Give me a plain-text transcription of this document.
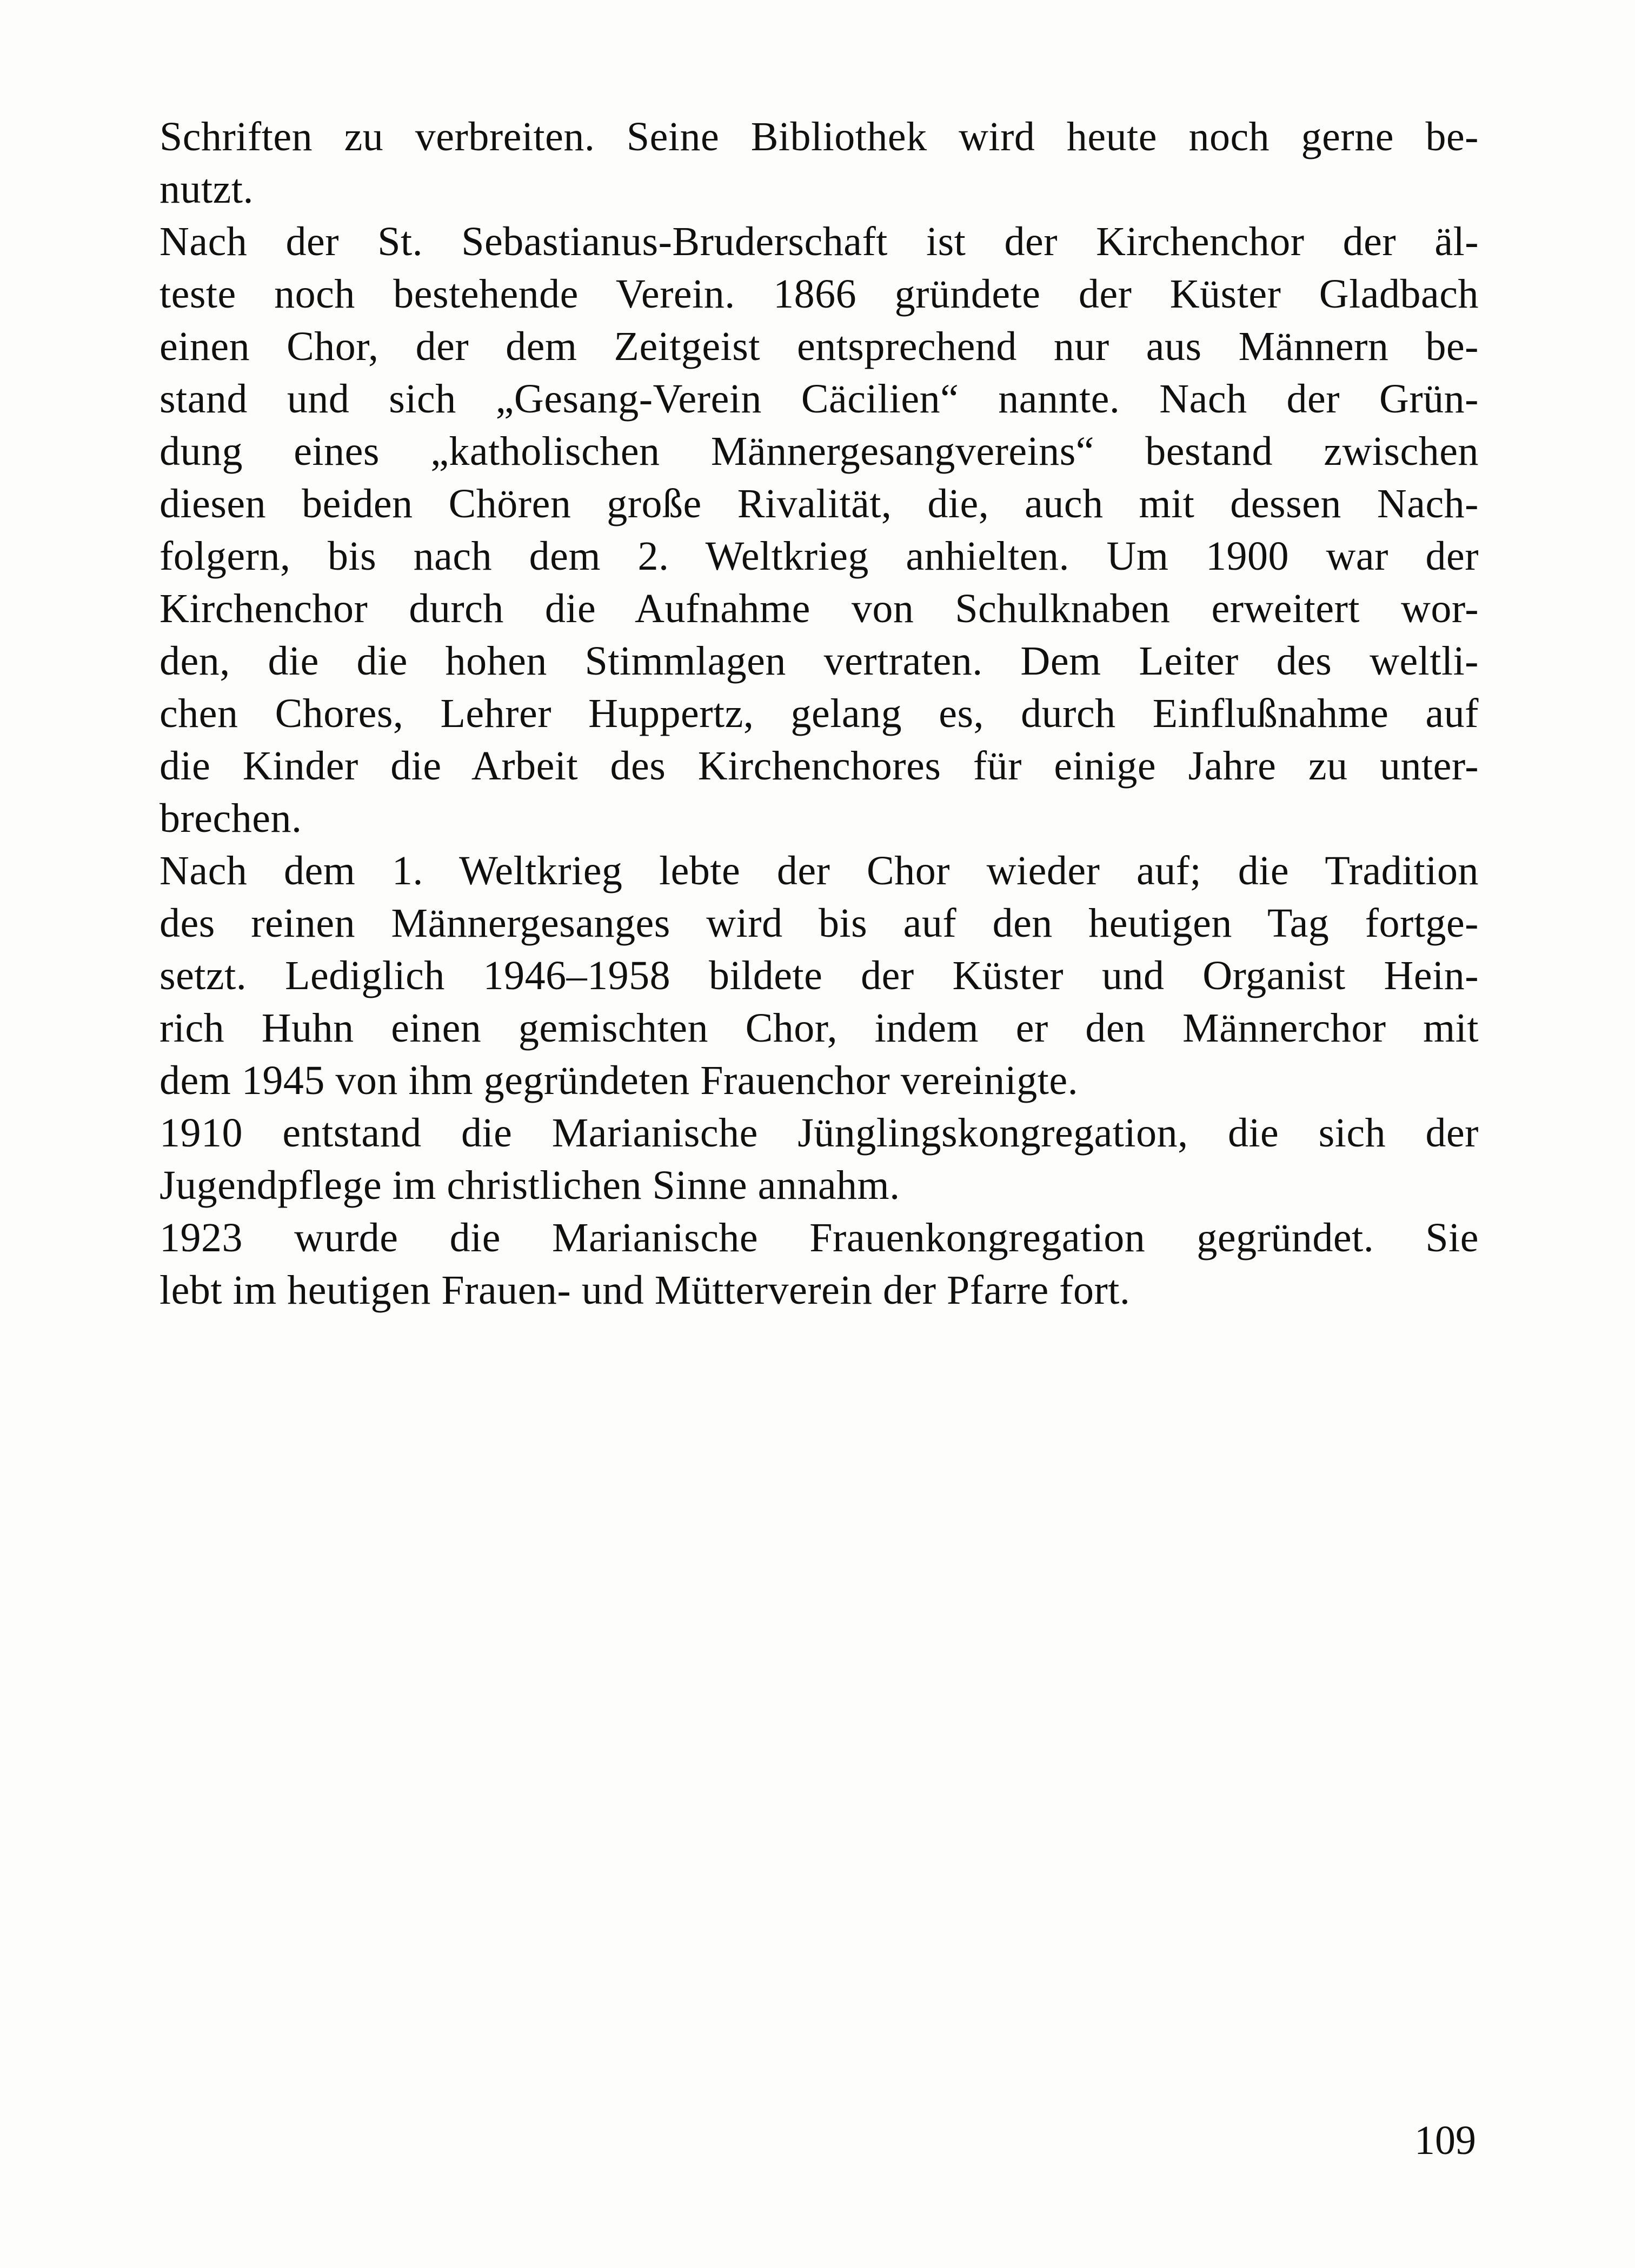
Schriften zu verbreiten. Seine Bibliothek wird heute noch gerne be-
nutzt.
Nach der St. Sebastianus-Bruderschaft ist der Kirchenchor der äl-
teste noch bestehende Verein. 1866 gründete der Küster Gladbach
einen Chor, der dem Zeitgeist entsprechend nur aus Männern be-
stand und sich „Gesang-Verein Cäcilien“ nannte. Nach der Grün-
dung eines „katholischen Männergesangvereins“ bestand zwischen
diesen beiden Chören große Rivalität, die, auch mit dessen Nach-
folgern, bis nach dem 2. Weltkrieg anhielten. Um 1900 war der
Kirchenchor durch die Aufnahme von Schulknaben erweitert wor-
den, die die hohen Stimmlagen vertraten. Dem Leiter des weltli-
chen Chores, Lehrer Huppertz, gelang es, durch Einflußnahme auf
die Kinder die Arbeit des Kirchenchores für einige Jahre zu unter-
brechen.
Nach dem 1. Weltkrieg lebte der Chor wieder auf; die Tradition
des reinen Männergesanges wird bis auf den heutigen Tag fortge-
setzt. Lediglich 1946–1958 bildete der Küster und Organist Hein-
rich Huhn einen gemischten Chor, indem er den Männerchor mit
dem 1945 von ihm gegründeten Frauenchor vereinigte.
1910 entstand die Marianische Jünglingskongregation, die sich der
Jugendpflege im christlichen Sinne annahm.
1923 wurde die Marianische Frauenkongregation gegründet. Sie
lebt im heutigen Frauen- und Mütterverein der Pfarre fort.
109
